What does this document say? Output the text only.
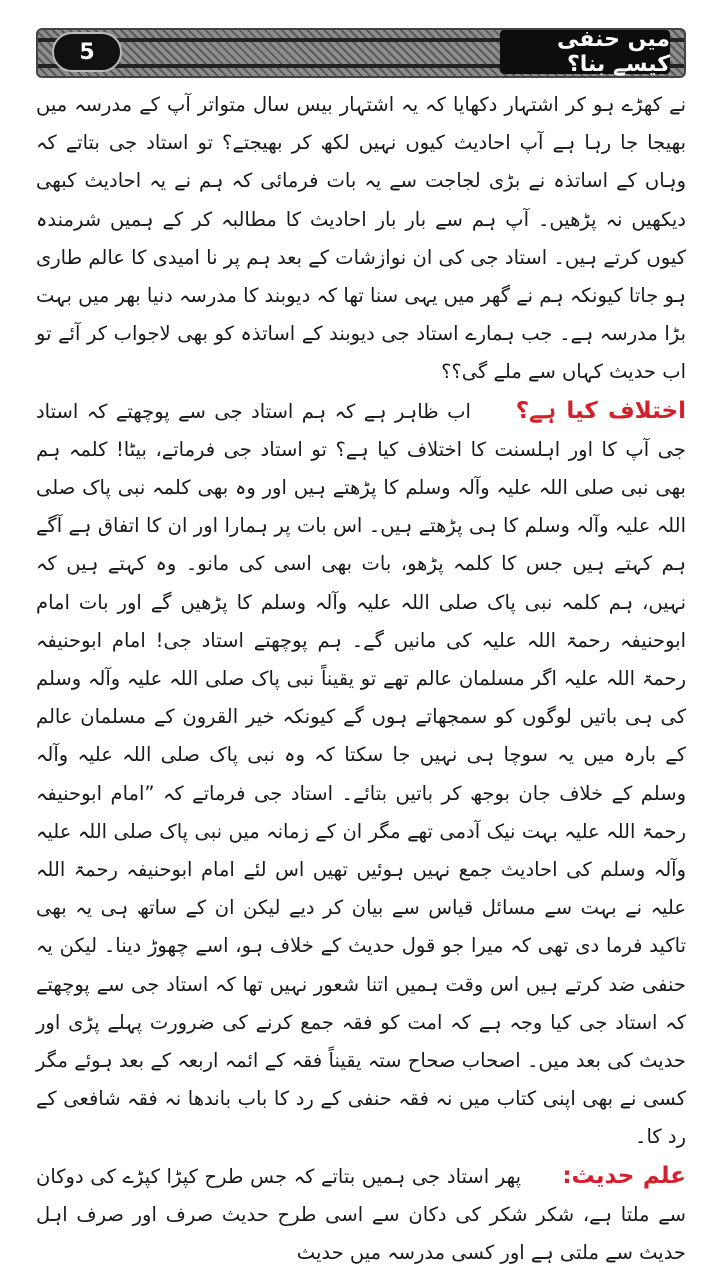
5	میں حنفی کیسے بنا؟

نے کھڑے ہو کر اشتہار دکھایا کہ یہ اشتہار بیس سال متواتر آپ کے مدرسہ میں بھیجا جا رہا ہے آپ احادیث کیوں نہیں لکھ کر بھیجتے؟ تو استاد جی بتاتے کہ وہاں کے اساتذہ نے بڑی لجاجت سے یہ بات فرمائی کہ ہم نے یہ احادیث کبھی دیکھیں نہ پڑھیں۔ آپ ہم سے بار بار احادیث کا مطالبہ کر کے ہمیں شرمندہ کیوں کرتے ہیں۔ استاد جی کی ان نوازشات کے بعد ہم پر نا امیدی کا عالم طاری ہو جاتا کیونکہ ہم نے گھر میں یہی سنا تھا کہ دیوبند کا مدرسہ دنیا بھر میں بہت بڑا مدرسہ ہے۔ جب ہمارے استاد جی دیوبند کے اساتذہ کو بھی لاجواب کر آئے تو اب حدیث کہاں سے ملے گی؟؟

اختلاف کیا ہے؟  اب ظاہر ہے کہ ہم استاد جی سے پوچھتے کہ استاد جی آپ کا اور اہلسنت کا اختلاف کیا ہے؟ تو استاد جی فرماتے، بیٹا! کلمہ ہم بھی نبی صلی اللہ علیہ وآلہ وسلم کا پڑھتے ہیں اور وہ بھی کلمہ نبی پاک صلی اللہ علیہ وآلہ وسلم کا ہی پڑھتے ہیں۔ اس بات پر ہمارا اور ان کا اتفاق ہے آگے ہم کہتے ہیں جس کا کلمہ پڑھو، بات بھی اسی کی مانو۔ وہ کہتے ہیں کہ نہیں، ہم کلمہ نبی پاک صلی اللہ علیہ وآلہ وسلم کا پڑھیں گے اور بات امام ابوحنیفہ رحمۃ اللہ علیہ کی مانیں گے۔ ہم پوچھتے استاد جی! امام ابوحنیفہ رحمۃ اللہ علیہ اگر مسلمان عالم تھے تو یقیناً نبی پاک صلی اللہ علیہ وآلہ وسلم کی ہی باتیں لوگوں کو سمجھاتے ہوں گے کیونکہ خیر القرون کے مسلمان عالم کے بارہ میں یہ سوچا ہی نہیں جا سکتا کہ وہ نبی پاک صلی اللہ علیہ وآلہ وسلم کے خلاف جان بوجھ کر باتیں بتائے۔ استاد جی فرماتے کہ ”امام ابوحنیفہ رحمۃ اللہ علیہ بہت نیک آدمی تھے مگر ان کے زمانہ میں نبی پاک صلی اللہ علیہ وآلہ وسلم کی احادیث جمع نہیں ہوئیں تھیں اس لئے امام ابوحنیفہ رحمۃ اللہ علیہ نے بہت سے مسائل قیاس سے بیان کر دیے لیکن ان کے ساتھ ہی یہ بھی تاکید فرما دی تھی کہ میرا جو قول حدیث کے خلاف ہو، اسے چھوڑ دینا۔ لیکن یہ حنفی ضد کرتے ہیں اس وقت ہمیں اتنا شعور نہیں تھا کہ استاد جی سے پوچھتے کہ استاد جی کیا وجہ ہے کہ امت کو فقہ جمع کرنے کی ضرورت پہلے پڑی اور حدیث کی بعد میں۔ اصحاب صحاح ستہ یقیناً فقہ کے ائمہ اربعہ کے بعد ہوئے مگر کسی نے بھی اپنی کتاب میں نہ فقہ حنفی کے رد کا باب باندھا نہ فقہ شافعی کے رد کا۔

علم حدیث:  پھر استاد جی ہمیں بتاتے کہ جس طرح کپڑا کپڑے کی دوکان سے ملتا ہے، شکر شکر کی دکان سے اسی طرح حدیث صرف اور صرف اہل حدیث سے ملتی ہے اور کسی مدرسہ میں حدیث
